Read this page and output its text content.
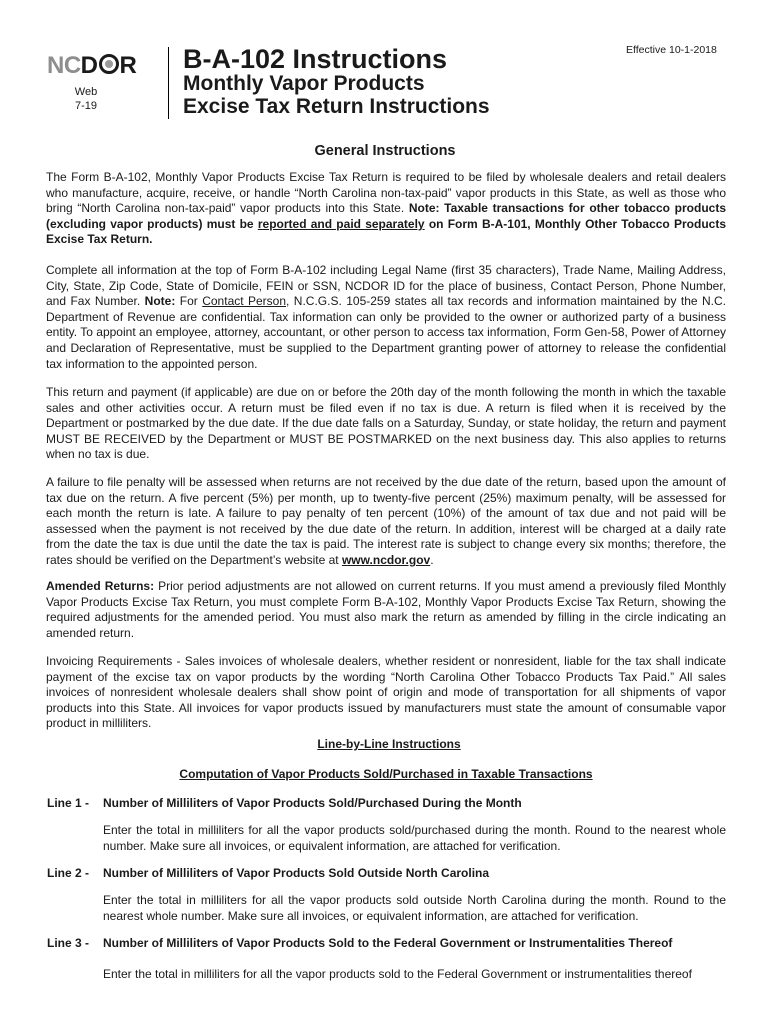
NCD R
Web
7-19
B-A-102 Instructions
Monthly Vapor Products
Excise Tax Return Instructions
Effective 10-1-2018
General Instructions
The Form B-A-102, Monthly Vapor Products Excise Tax Return is required to be filed by wholesale dealers and retail dealers who manufacture, acquire, receive, or handle “North Carolina non-tax-paid” vapor products in this State, as well as those who bring “North Carolina non-tax-paid” vapor products into this State. Note: Taxable transactions for other tobacco products (excluding vapor products) must be reported and paid separately on Form B-A-101, Monthly Other Tobacco Products Excise Tax Return.
Complete all information at the top of Form B-A-102 including Legal Name (first 35 characters), Trade Name, Mailing Address, City, State, Zip Code, State of Domicile, FEIN or SSN, NCDOR ID for the place of business, Contact Person, Phone Number, and Fax Number. Note: For Contact Person, N.C.G.S. 105-259 states all tax records and information maintained by the N.C. Department of Revenue are confidential. Tax information can only be provided to the owner or authorized party of a business entity. To appoint an employee, attorney, accountant, or other person to access tax information, Form Gen-58, Power of Attorney and Declaration of Representative, must be supplied to the Department granting power of attorney to release the confidential tax information to the appointed person.
This return and payment (if applicable) are due on or before the 20th day of the month following the month in which the taxable sales and other activities occur. A return must be filed even if no tax is due. A return is filed when it is received by the Department or postmarked by the due date. If the due date falls on a Saturday, Sunday, or state holiday, the return and payment MUST BE RECEIVED by the Department or MUST BE POSTMARKED on the next business day. This also applies to returns when no tax is due.
A failure to file penalty will be assessed when returns are not received by the due date of the return, based upon the amount of tax due on the return. A five percent (5%) per month, up to twenty-five percent (25%) maximum penalty, will be assessed for each month the return is late. A failure to pay penalty of ten percent (10%) of the amount of tax due and not paid will be assessed when the payment is not received by the due date of the return. In addition, interest will be charged at a daily rate from the date the tax is due until the date the tax is paid. The interest rate is subject to change every six months; therefore, the rates should be verified on the Department’s website at www.ncdor.gov.
Amended Returns: Prior period adjustments are not allowed on current returns. If you must amend a previously filed Monthly Vapor Products Excise Tax Return, you must complete Form B-A-102, Monthly Vapor Products Excise Tax Return, showing the required adjustments for the amended period. You must also mark the return as amended by filling in the circle indicating an amended return.
Invoicing Requirements - Sales invoices of wholesale dealers, whether resident or nonresident, liable for the tax shall indicate payment of the excise tax on vapor products by the wording “North Carolina Other Tobacco Products Tax Paid.” All sales invoices of nonresident wholesale dealers shall show point of origin and mode of transportation for all shipments of vapor products into this State. All invoices for vapor products issued by manufacturers must state the amount of consumable vapor product in milliliters.
Line-by-Line Instructions
Computation of Vapor Products Sold/Purchased in Taxable Transactions
Line 1 - Number of Milliliters of Vapor Products Sold/Purchased During the Month
Enter the total in milliliters for all the vapor products sold/purchased during the month. Round to the nearest whole number. Make sure all invoices, or equivalent information, are attached for verification.
Line 2 - Number of Milliliters of Vapor Products Sold Outside North Carolina
Enter the total in milliliters for all the vapor products sold outside North Carolina during the month. Round to the nearest whole number. Make sure all invoices, or equivalent information, are attached for verification.
Line 3 - Number of Milliliters of Vapor Products Sold to the Federal Government or Instrumentalities Thereof
Enter the total in milliliters for all the vapor products sold to the Federal Government or instrumentalities thereof
